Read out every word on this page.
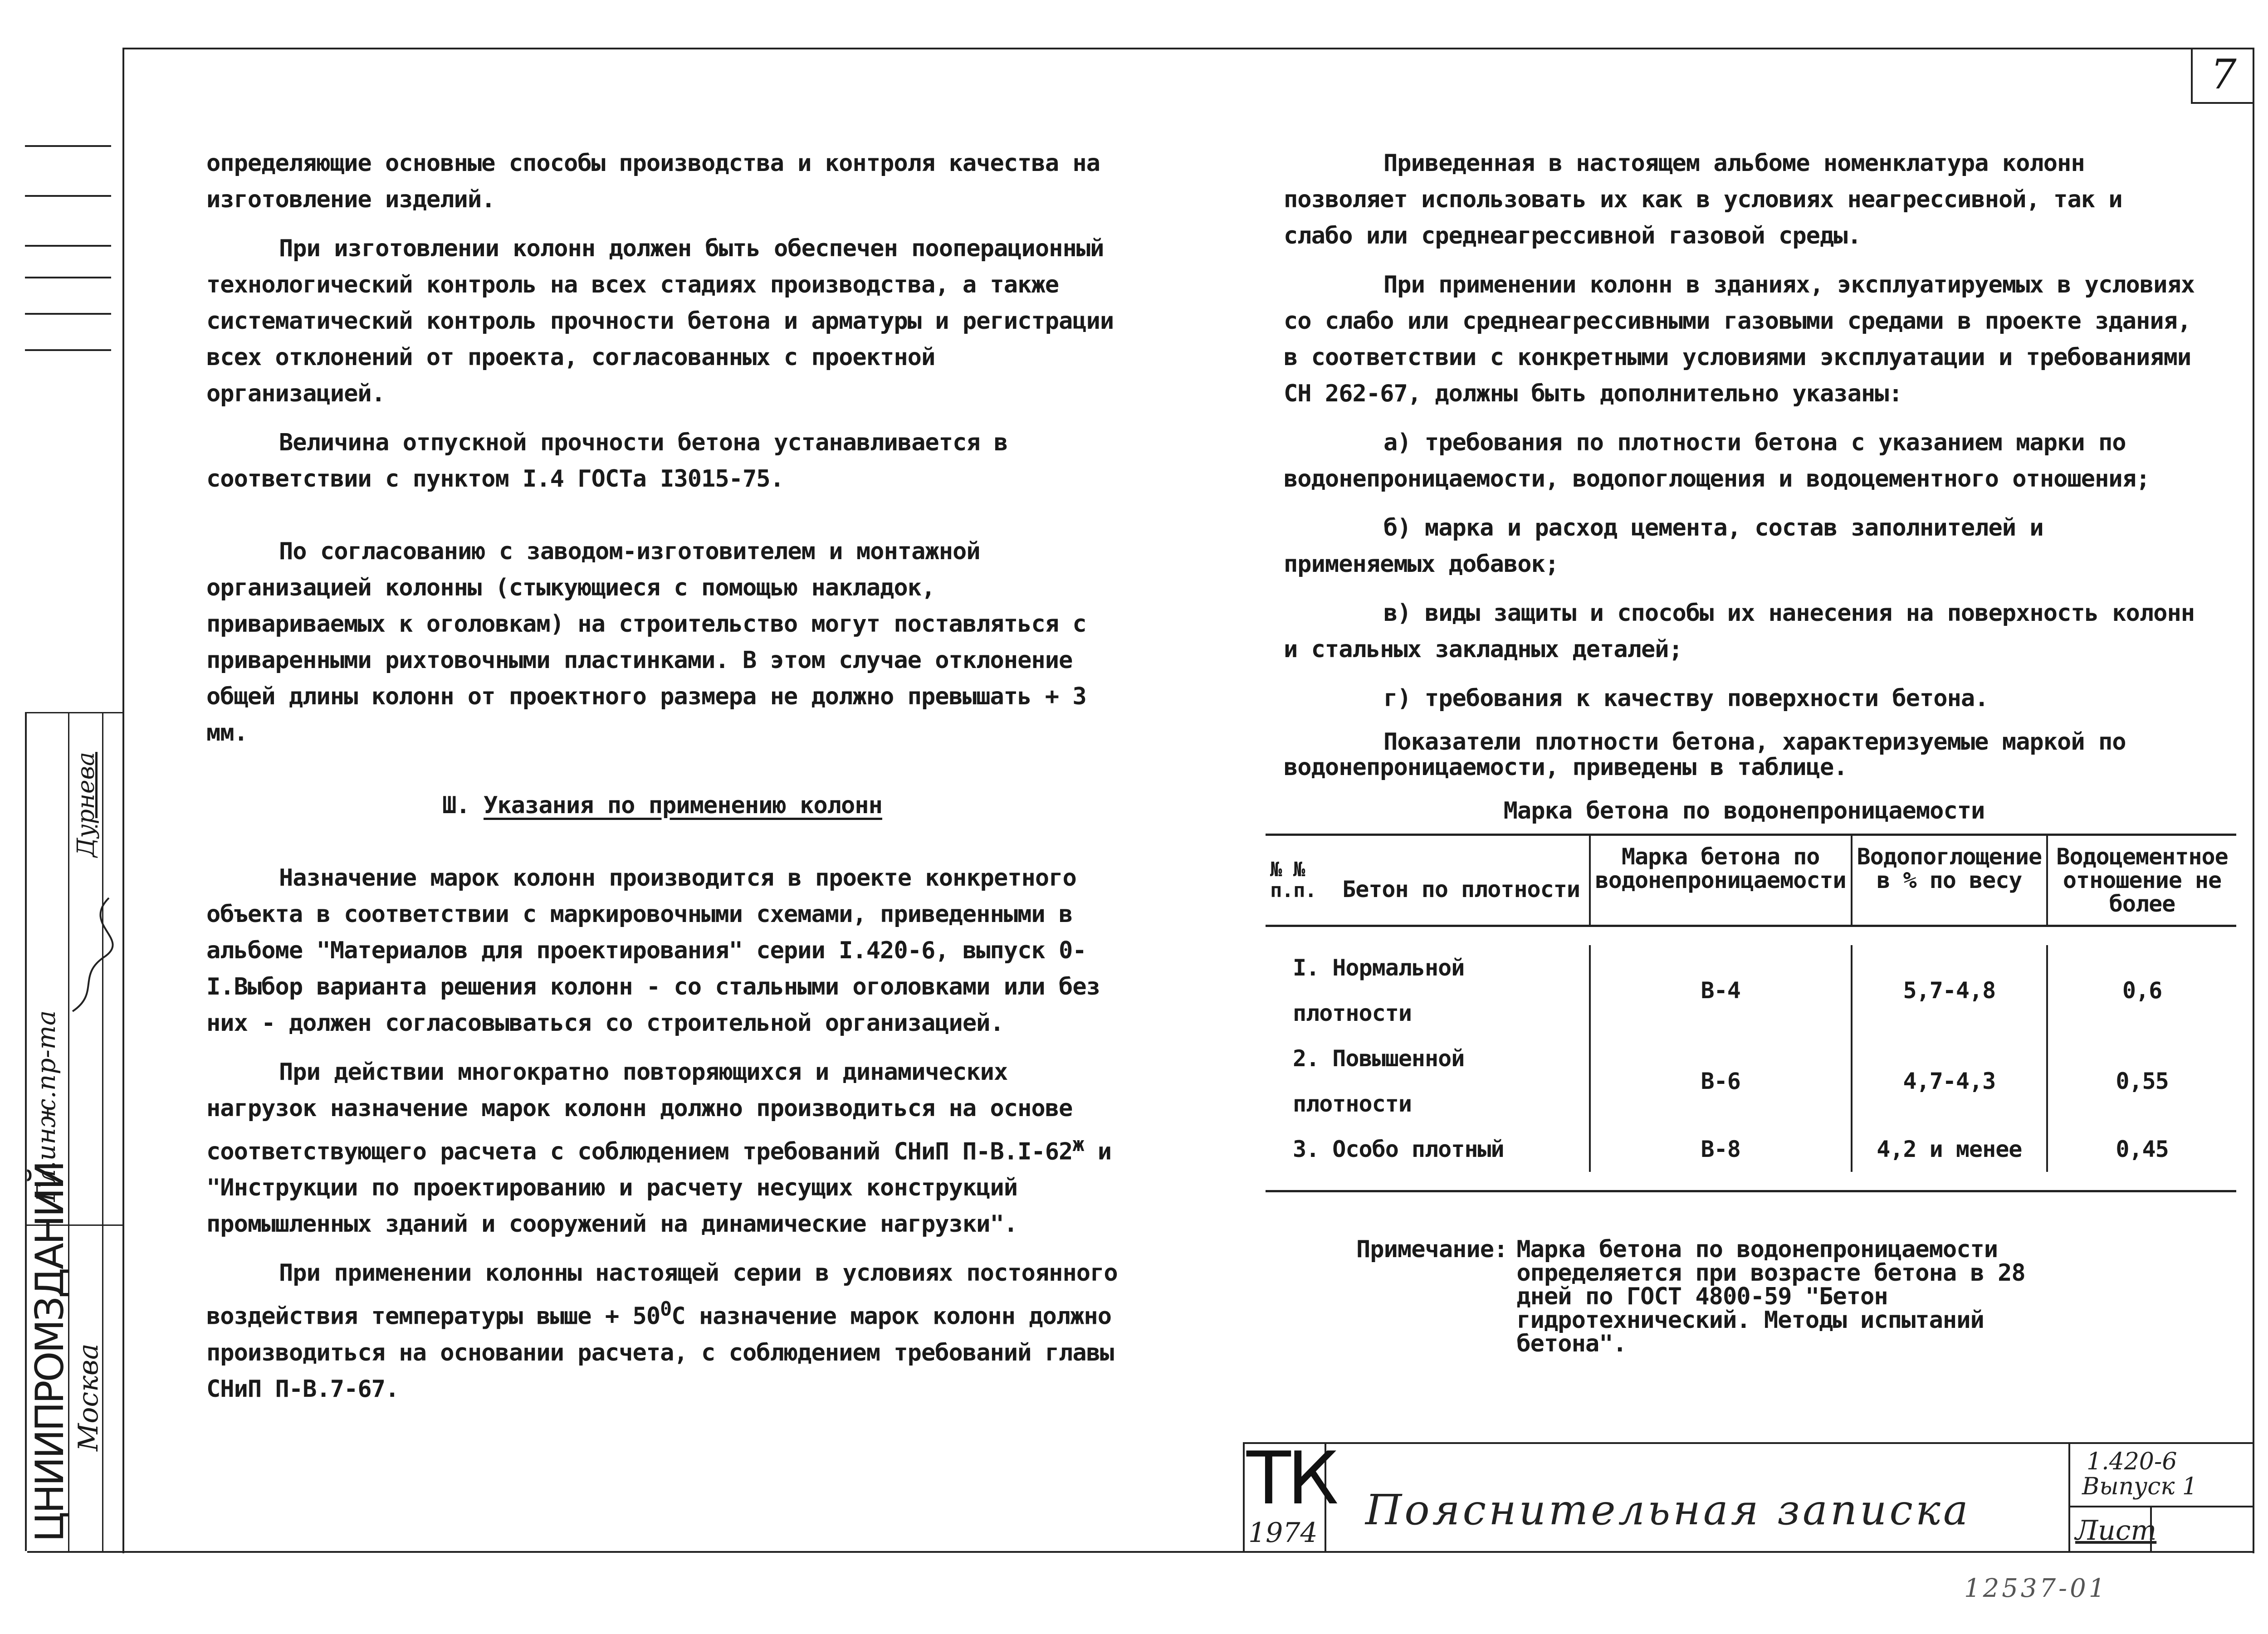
ЦНИИПРОМЗДАНИЙ Москва
Гл.инж.пр-та
Дурнева
7

определяющие основные способы производства и контроля качества на изготовление изделий.

При изготовлении колонн должен быть обеспечен пооперационный технологический контроль на всех стадиях производства, а также систематический контроль прочности бетона и арматуры и регистрации всех отклонений от проекта, согласованных с проектной организацией.

Величина отпускной прочности бетона устанавливается в соответствии с пунктом I.4 ГОСТа I3015-75.

По согласованию с заводом-изготовителем и монтажной организацией колонны (стыкующиеся с помощью накладок, привариваемых к оголовкам) на строительство могут поставляться с приваренными рихтовочными пластинками. В этом случае отклонение общей длины колонн от проектного размера не должно превышать + 3 мм.

Ш. Указания по применению колонн

Назначение марок колонн производится в проекте конкретного объекта в соответствии с маркировочными схемами, приведенными в альбоме "Материалов для проектирования" серии I.420-6, выпуск 0-I.Выбор варианта решения колонн - со стальными оголовками или без них - должен согласовываться со строительной организацией.

При действии многократно повторяющихся и динамических нагрузок назначение марок колонн должно производиться на основе соответствующего расчета с соблюдением требований СНиП $П-В.I-62^ж$ и "Инструкции по проектированию и расчету несущих конструкций промышленных зданий и сооружений на динамические нагрузки".

При применении колонны настоящей серии в условиях постоянного воздействия температуры выше + $50^0С$ назначение марок колонн должно производиться на основании расчета, с соблюдением требований главы СНиП П-В.7-67.

Приведенная в настоящем альбоме номенклатура колонн позволяет использовать их как в условиях неагрессивной, так и слабо или среднеагрессивной газовой среды.

При применении колонн в зданиях, эксплуатируемых в условиях со слабо или среднеагрессивными газовыми средами в проекте здания, в соответствии с конкретными условиями эксплуатации и требованиями СН 262-67, должны быть дополнительно указаны:

а) требования по плотности бетона с указанием марки по водонепроницаемости, водопоглощения и водоцементного отношения;

б) марка и расход цемента, состав заполнителей и применяемых добавок;

в) виды защиты и способы их нанесения на поверхность колонн и стальных закладных деталей;

г) требования к качеству поверхности бетона.

Показатели плотности бетона, характеризуемые маркой по водонепроницаемости, приведены в таблице.

Марка бетона по водонепроницаемости

№ № п.п. Бетон по плотности	Марка бетона по водонепроницаемости	Водопоглощение в % по весу	Водоцементное отношение не более

I. Нормальной плотности	В-4	5,7-4,8	0,6
2. Повышенной плотности	В-6	4,7-4,3	0,55
3. Особо плотный	В-8	4,2 и менее	0,45

Примечание: Марка бетона по водонепроницаемости определяется при возрасте бетона в 28 дней по ГОСТ 4800-59 "Бетон гидротехнический. Методы испытаний бетона".
ТК
1974 Пояснительная записка
1.420-6
Выпуск 1
Лист
12537-01
